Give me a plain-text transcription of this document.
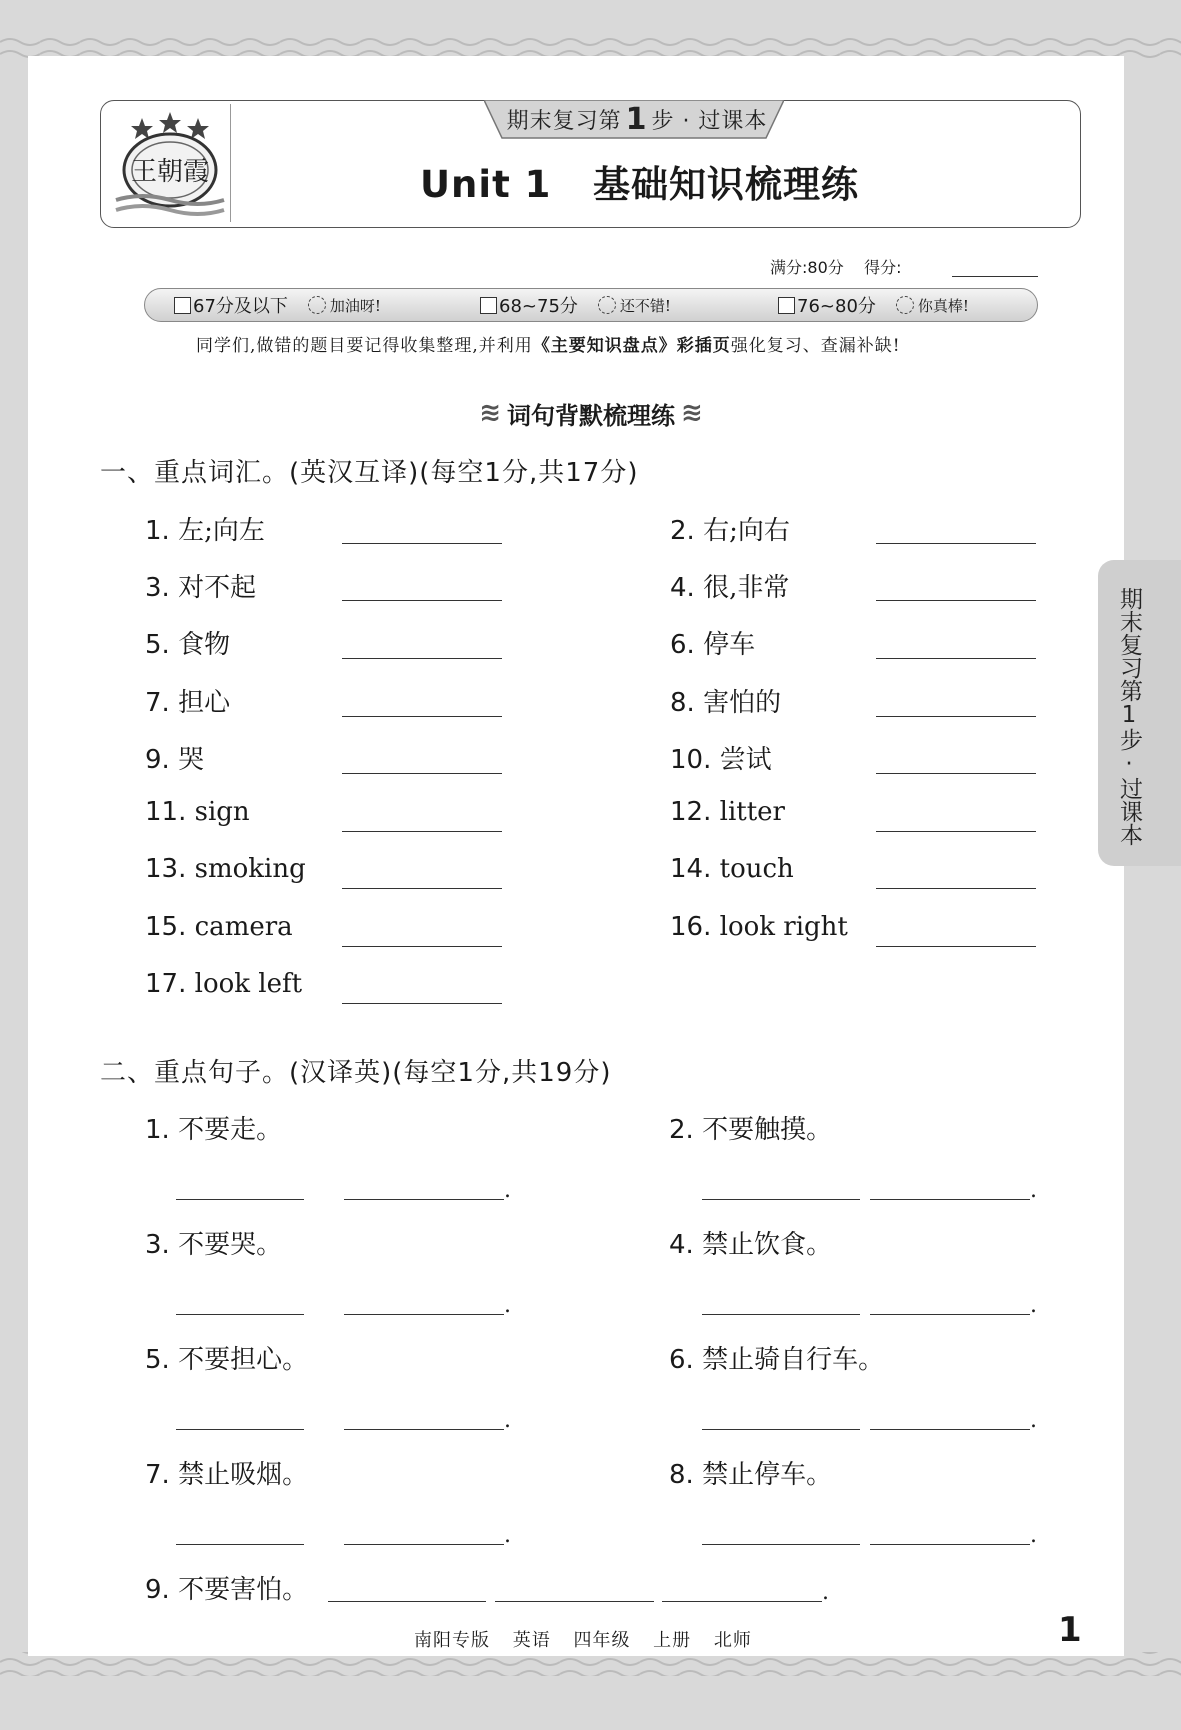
王朝霞
期末复习第 1 步 · 过课本
Unit 1   基础知识梳理练
满分:80分 得分:
67分及以下	加油呀!	68~75分	还不错!	76~80分	你真棒!
同学们,做错的题目要记得收集整理,并利用《主要知识盘点》彩插页强化复习、查漏补缺!
≋ 词句背默梳理练 ≋
一、重点词汇。(英汉互译)(每空1分,共17分)
1. 左;向左	2. 右;向右
3. 对不起	4. 很,非常
5. 食物	6. 停车
7. 担心	8. 害怕的
9. 哭	10. 尝试
11. sign	12. litter
13. smoking	14. touch
15. camera	16. look right
17. look left
二、重点句子。(汉译英)(每空1分,共19分)
1. 不要走。
.
2. 不要触摸。
.
3. 不要哭。
.
4. 禁止饮食。
.
5. 不要担心。
.
6. 禁止骑自行车。
.
7. 禁止吸烟。
.
8. 禁止停车。
.
9. 不要害怕。	.
期末复习第1步·过课本
南阳专版 英语 四年级 上册 北师	1
